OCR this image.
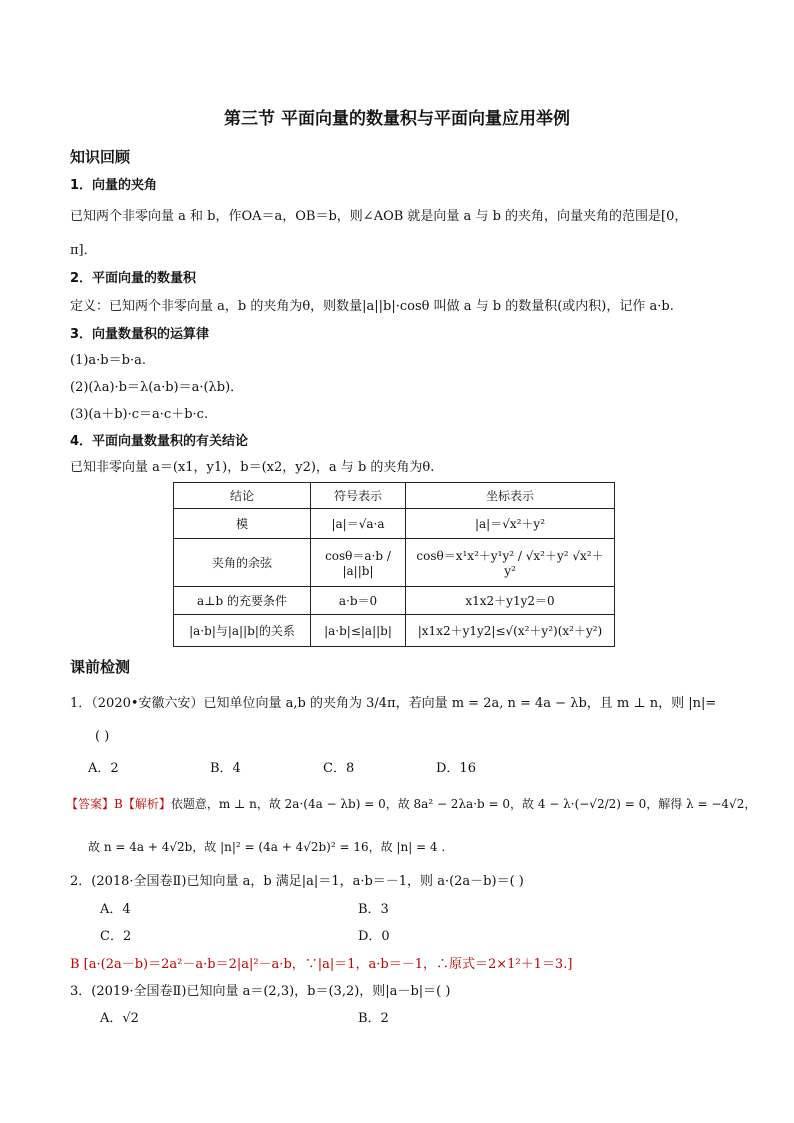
第三节 平面向量的数量积与平面向量应用举例
知识回顾
1．向量的夹角
已知两个非零向量 a 和 b，作OA＝a，OB＝b，则∠AOB 就是向量 a 与 b 的夹角，向量夹角的范围是[0，
π]．
2．平面向量的数量积
定义：已知两个非零向量 a，b 的夹角为θ，则数量|a||b|·cosθ 叫做 a 与 b 的数量积(或内积)，记作 a·b.
3．向量数量积的运算律
(1)a·b＝b·a.
(2)(λa)·b＝λ(a·b)＝a·(λb)．
(3)(a＋b)·c＝a·c＋b·c.
4．平面向量数量积的有关结论
已知非零向量 a＝(x1，y1)，b＝(x2，y2)，a 与 b 的夹角为θ.
结论	符号表示	坐标表示
模	|a|＝√a·a	|a|＝√x²＋y²
夹角的余弦	cosθ＝a·b / |a||b|	cosθ＝x¹x²＋y¹y² / √x²＋y² √x²＋y²
a⊥b 的充要条件	a·b＝0	x1x2＋y1y2＝0
|a·b|与|a||b|的关系	|a·b|≤|a||b|	|x1x2＋y1y2|≤√(x²＋y²)(x²＋y²)
课前检测
1．（2020•安徽六安）已知单位向量 a,b 的夹角为 3/4π，若向量 m = 2a, n = 4a − λb，且 m ⊥ n，则 |n|=
( )
A．2	B．4	C．8	D．16
【答案】B【解析】依题意，m ⊥ n，故 2a·(4a − λb) = 0，故 8a² − 2λa·b = 0，故 4 − λ·(−√2/2) = 0，解得 λ = −4√2，
故 n = 4a + 4√2b，故 |n|² = (4a + 4√2b)² = 16，故 |n| = 4 .
2．(2018·全国卷Ⅱ)已知向量 a，b 满足|a|＝1，a·b＝－1，则 a·(2a－b)＝( )
A．4	B．3
C．2	D．0
B [a·(2a－b)＝2a²－a·b＝2|a|²－a·b，∵|a|＝1，a·b＝－1，∴原式＝2×1²＋1＝3.]
3．(2019·全国卷Ⅱ)已知向量 a＝(2,3)，b＝(3,2)，则|a－b|＝( )
A．√2	B．2
